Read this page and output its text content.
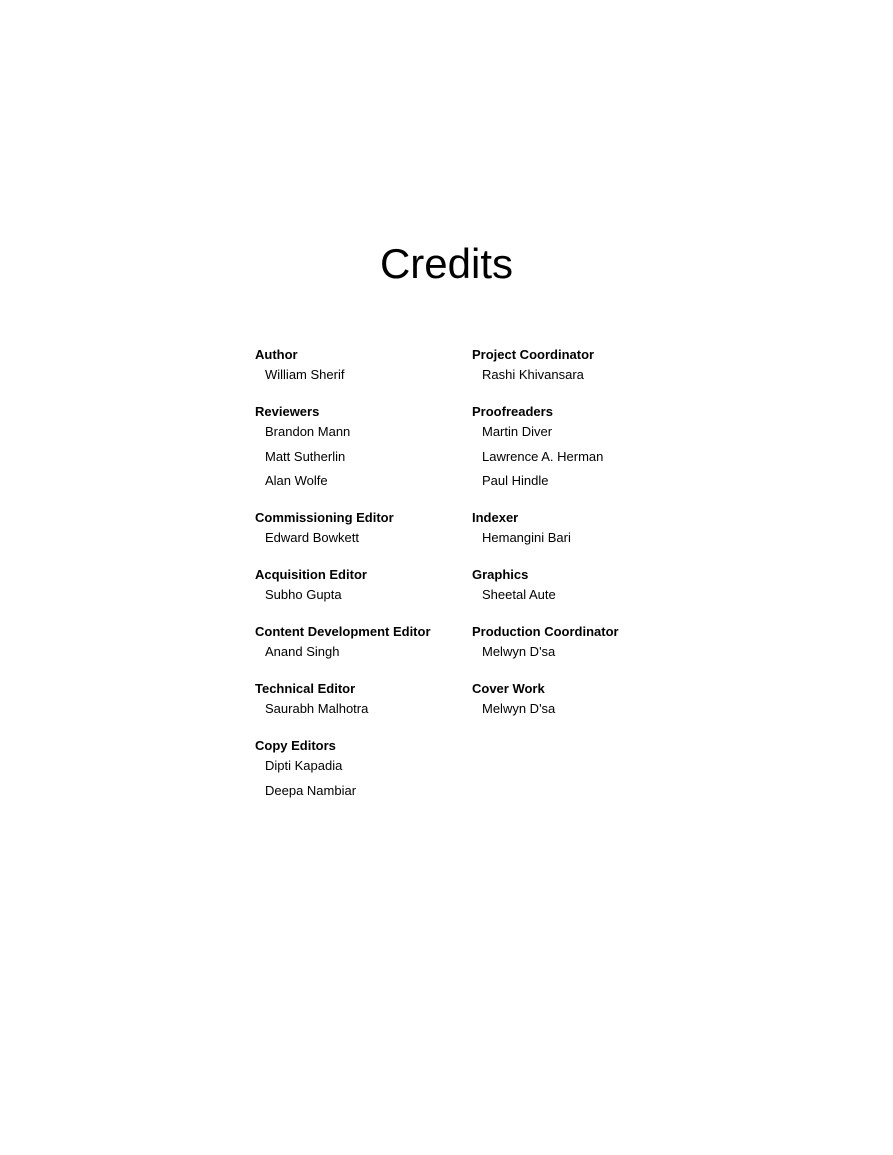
Credits
Author
William Sherif
Reviewers
Brandon Mann
Matt Sutherlin
Alan Wolfe
Commissioning Editor
Edward Bowkett
Acquisition Editor
Subho Gupta
Content Development Editor
Anand Singh
Technical Editor
Saurabh Malhotra
Copy Editors
Dipti Kapadia
Deepa Nambiar
Project Coordinator
Rashi Khivansara
Proofreaders
Martin Diver
Lawrence A. Herman
Paul Hindle
Indexer
Hemangini Bari
Graphics
Sheetal Aute
Production Coordinator
Melwyn D'sa
Cover Work
Melwyn D'sa
